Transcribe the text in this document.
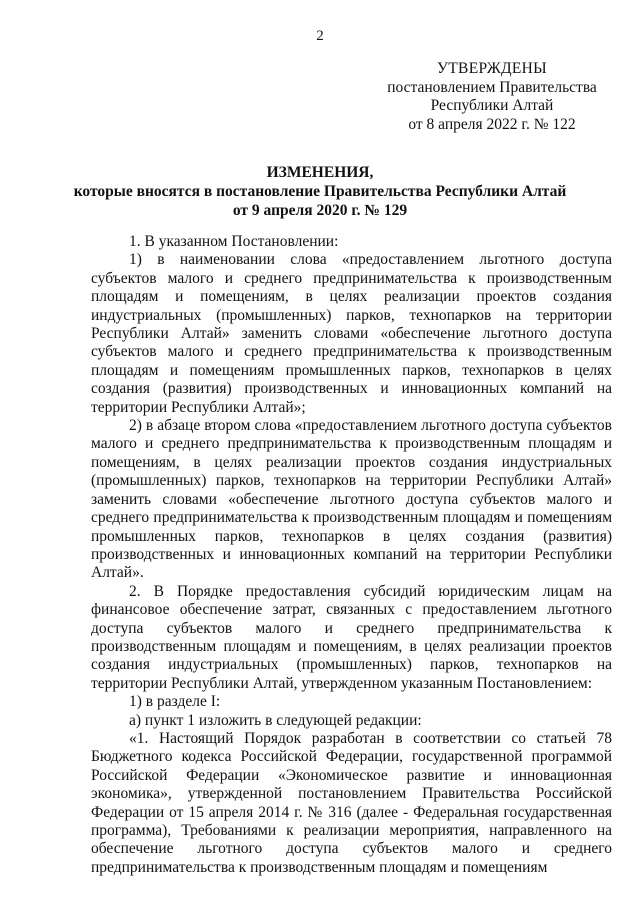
2
УТВЕРЖДЕНЫ
постановлением Правительства
Республики Алтай
от 8 апреля 2022 г. № 122
ИЗМЕНЕНИЯ,
которые вносятся в постановление Правительства Республики Алтай
от 9 апреля 2020 г. № 129

1. В указанном Постановлении:

1) в наименовании слова «предоставлением льготного доступа субъектов малого и среднего предпринимательства к производственным площадям и помещениям, в целях реализации проектов создания индустриальных (промышленных) парков, технопарков на территории Республики Алтай» заменить словами «обеспечение льготного доступа субъектов малого и среднего предпринимательства к производственным площадям и помещениям промышленных парков, технопарков в целях создания (развития) производственных и инновационных компаний на территории Республики Алтай»;

2) в абзаце втором слова «предоставлением льготного доступа субъектов малого и среднего предпринимательства к производственным площадям и помещениям, в целях реализации проектов создания индустриальных (промышленных) парков, технопарков на территории Республики Алтай» заменить словами «обеспечение льготного доступа субъектов малого и среднего предпринимательства к производственным площадям и помещениям промышленных парков, технопарков в целях создания (развития) производственных и инновационных компаний на территории Республики Алтай».

2. В Порядке предоставления субсидий юридическим лицам на финансовое обеспечение затрат, связанных с предоставлением льготного доступа субъектов малого и среднего предпринимательства к производственным площадям и помещениям, в целях реализации проектов создания индустриальных (промышленных) парков, технопарков на территории Республики Алтай, утвержденном указанным Постановлением:

1) в разделе I:

а) пункт 1 изложить в следующей редакции:

«1. Настоящий Порядок разработан в соответствии со статьей 78 Бюджетного кодекса Российской Федерации, государственной программой Российской Федерации «Экономическое развитие и инновационная экономика», утвержденной постановлением Правительства Российской Федерации от 15 апреля 2014 г. № 316 (далее - Федеральная государственная программа), Требованиями к реализации мероприятия, направленного на обеспечение льготного доступа субъектов малого и среднего предпринимательства к производственным площадям и помещениям
